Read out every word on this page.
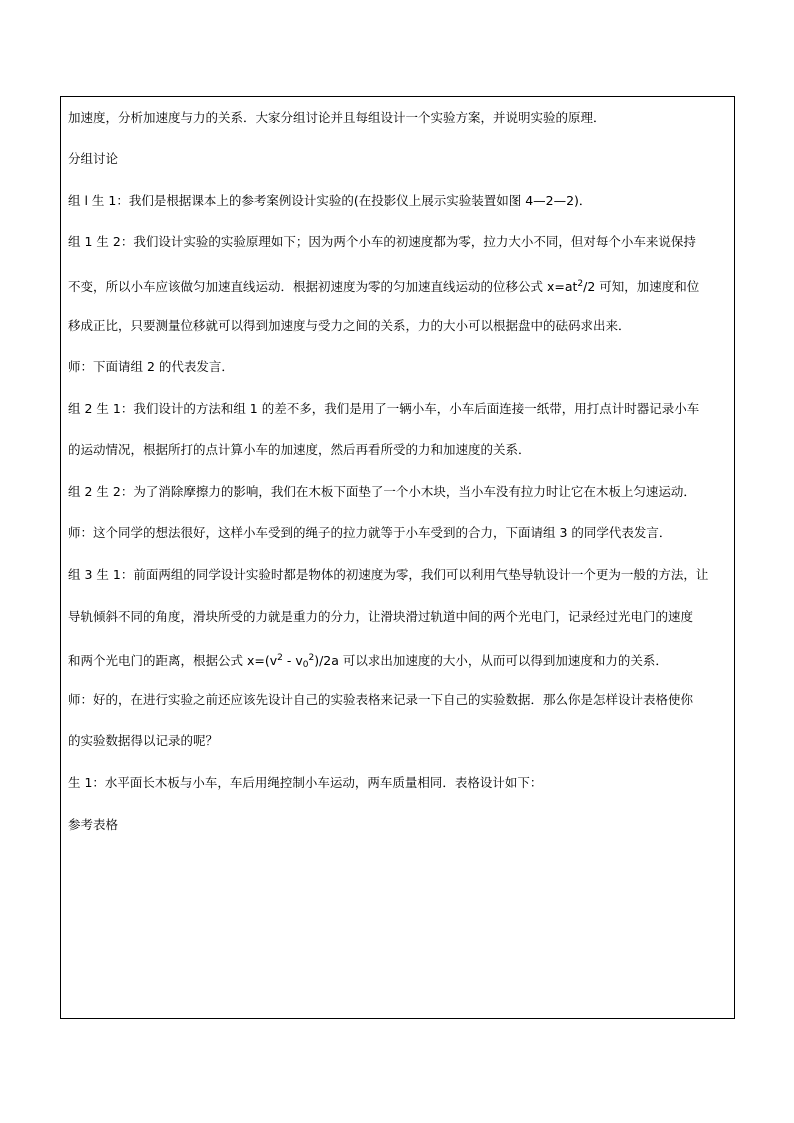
加速度，分析加速度与力的关系．大家分组讨论并且每组设计一个实验方案，并说明实验的原理．
分组讨论
组 l 生 1：我们是根据课本上的参考案例设计实验的(在投影仪上展示实验装置如图 4—2—2)．
组 1 生 2：我们设计实验的实验原理如下；因为两个小车的初速度都为零，拉力大小不同，但对每个小车来说保持
不变，所以小车应该做匀加速直线运动．根据初速度为零的匀加速直线运动的位移公式 $x=at^2/2$ 可知，加速度和位
移成正比，只要测量位移就可以得到加速度与受力之间的关系，力的大小可以根据盘中的砝码求出来．
师：下面请组 2 的代表发言．
组 2 生 1：我们设计的方法和组 1 的差不多，我们是用了一辆小车，小车后面连接一纸带，用打点计时器记录小车
的运动情况，根据所打的点计算小车的加速度，然后再看所受的力和加速度的关系．
组 2 生 2：为了消除摩擦力的影响，我们在木板下面垫了一个小木块，当小车没有拉力时让它在木板上匀速运动．
师：这个同学的想法很好，这样小车受到的绳子的拉力就等于小车受到的合力，下面请组 3 的同学代表发言．
组 3 生 1：前面两组的同学设计实验时都是物体的初速度为零，我们可以利用气垫导轨设计一个更为一般的方法，让
导轨倾斜不同的角度，滑块所受的力就是重力的分力，让滑块滑过轨道中间的两个光电门，记录经过光电门的速度
和两个光电门的距离，根据公式 $x=(v^2 - v_0^2)/2a$ 可以求出加速度的大小，从而可以得到加速度和力的关系．
师：好的，在进行实验之前还应该先设计自己的实验表格来记录一下自己的实验数据．那么你是怎样设计表格使你
的实验数据得以记录的呢？
生 1：水平面长木板与小车，车后用绳控制小车运动，两车质量相同．表格设计如下：
参考表格
